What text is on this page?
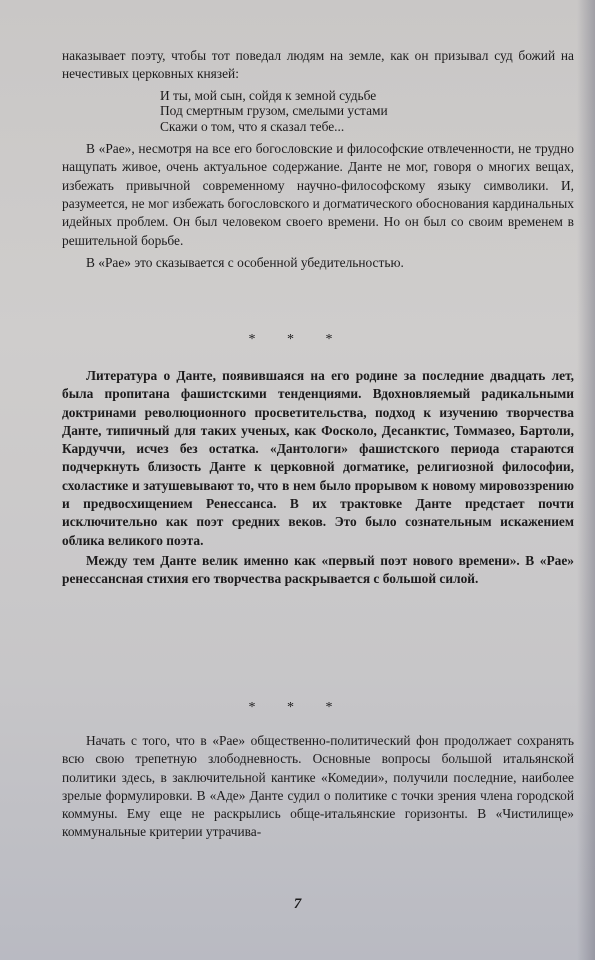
наказывает поэту, чтобы тот поведал людям на земле, как он призывал суд божий на нечестивых церковных князей:

И ты, мой сын, сойдя к земной судьбе

Под смертным грузом, смелыми устами

Скажи о том, что я сказал тебе...

В «Рае», несмотря на все его богословские и философские отвлеченности, не трудно нащупать живое, очень актуальное содержание. Данте не мог, говоря о многих вещах, избежать привычной современному научно-философскому языку символики. И, разумеется, не мог избежать богословского и догматического обоснования кардинальных идейных проблем. Он был человеком своего времени. Но он был со своим временем в решительной борьбе.

В «Рае» это сказывается с особенной убедительностью.

* * *

Литература о Данте, появившаяся на его родине за последние двадцать лет, была пропитана фашистскими тенденциями. Вдохновляемый радикальными доктринами революционного просветительства, подход к изучению творчества Данте, типичный для таких ученых, как Фосколо, Десанктис, Томмазео, Бартоли, Кардуччи, исчез без остатка. «Дантологи» фашистского периода стараются подчеркнуть близость Данте к церковной догматике, религиозной философии, схоластике и затушевывают то, что в нем было прорывом к новому мировоззрению и предвосхищением Ренессанса. В их трактовке Данте предстает почти исключительно как поэт средних веков. Это было сознательным искажением облика великого поэта.

Между тем Данте велик именно как «первый поэт нового времени». В «Рае» ренессансная стихия его творчества раскрывается с большой силой.

* * *

Начать с того, что в «Рае» общественно-политический фон продолжает сохранять всю свою трепетную злободневность. Основные вопросы большой итальянской политики здесь, в заключительной кантике «Комедии», получили последние, наиболее зрелые формулировки. В «Аде» Данте судил о политике с точки зрения члена городской коммуны. Ему еще не раскрылись обще-итальянские горизонты. В «Чистилище» коммунальные критерии утрачива-

7
